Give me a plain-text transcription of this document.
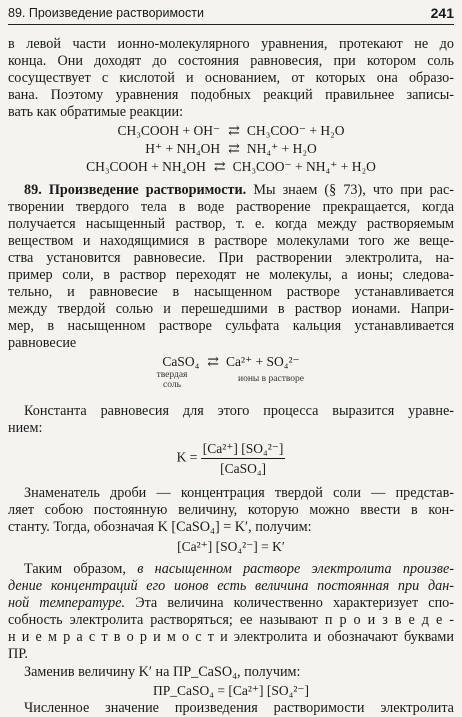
89. Произведение растворимости	241
в левой части ионно-молекулярного уравнения, протекают не до
конца. Они доходят до состояния равновесия, при котором соль
сосуществует с кислотой и основанием, от которых она образо-
вана. Поэтому уравнения подобных реакций правильнее записы-
вать как обратимые реакции:
CH₃COOH + OH⁻ ⇄ CH₃COO⁻ + H₂O
H⁺ + NH₄OH ⇄ NH₄⁺ + H₂O
CH₃COOH + NH₄OH ⇄ CH₃COO⁻ + NH₄⁺ + H₂O
89. Произведение растворимости. Мы знаем (§ 73), что при рас-
творении твердого тела в воде растворение прекращается, когда
получается насыщенный раствор, т. е. когда между растворяемым
веществом и находящимися в растворе молекулами того же веще-
ства установится равновесие. При растворении электролита, на-
пример соли, в раствор переходят не молекулы, а ионы; следова-
тельно, и равновесие в насыщенном растворе устанавливается
между твердой солью и перешедшими в раствор ионами. Напри-
мер, в насыщенном растворе сульфата кальция устанавливается
равновесие
CaSO₄ ⇄ Ca²⁺ + SO₄²⁻
твердая
соль
ионы в растворе
Константа равновесия для этого процесса выразится уравне-
нием:
$K = \frac{\text{[Ca²⁺] [SO₄²⁻]}}{\text{[CaSO₄]}}$
Знаменатель дроби — концентрация твердой соли — представ-
ляет собою постоянную величину, которую можно ввести в кон-
станту. Тогда, обозначая K [CaSO₄] = K′, получим:
[Ca²⁺] [SO₄²⁻] = K′
Таким образом, в насыщенном растворе электролита произве-
дение концентраций его ионов есть величина постоянная при дан-
ной температуре. Эта величина количественно характеризует спо-
собность электролита растворяться; ее называют п р о и з в е д е -
н и е м р а с т в о р и м о с т и электролита и обозначают буквами
ПР.
Заменив величину K′ на ПР_CaSO₄, получим:
ПР_CaSO₄ = [Ca²⁺] [SO₄²⁻]
Численное значение произведения растворимости электролита
